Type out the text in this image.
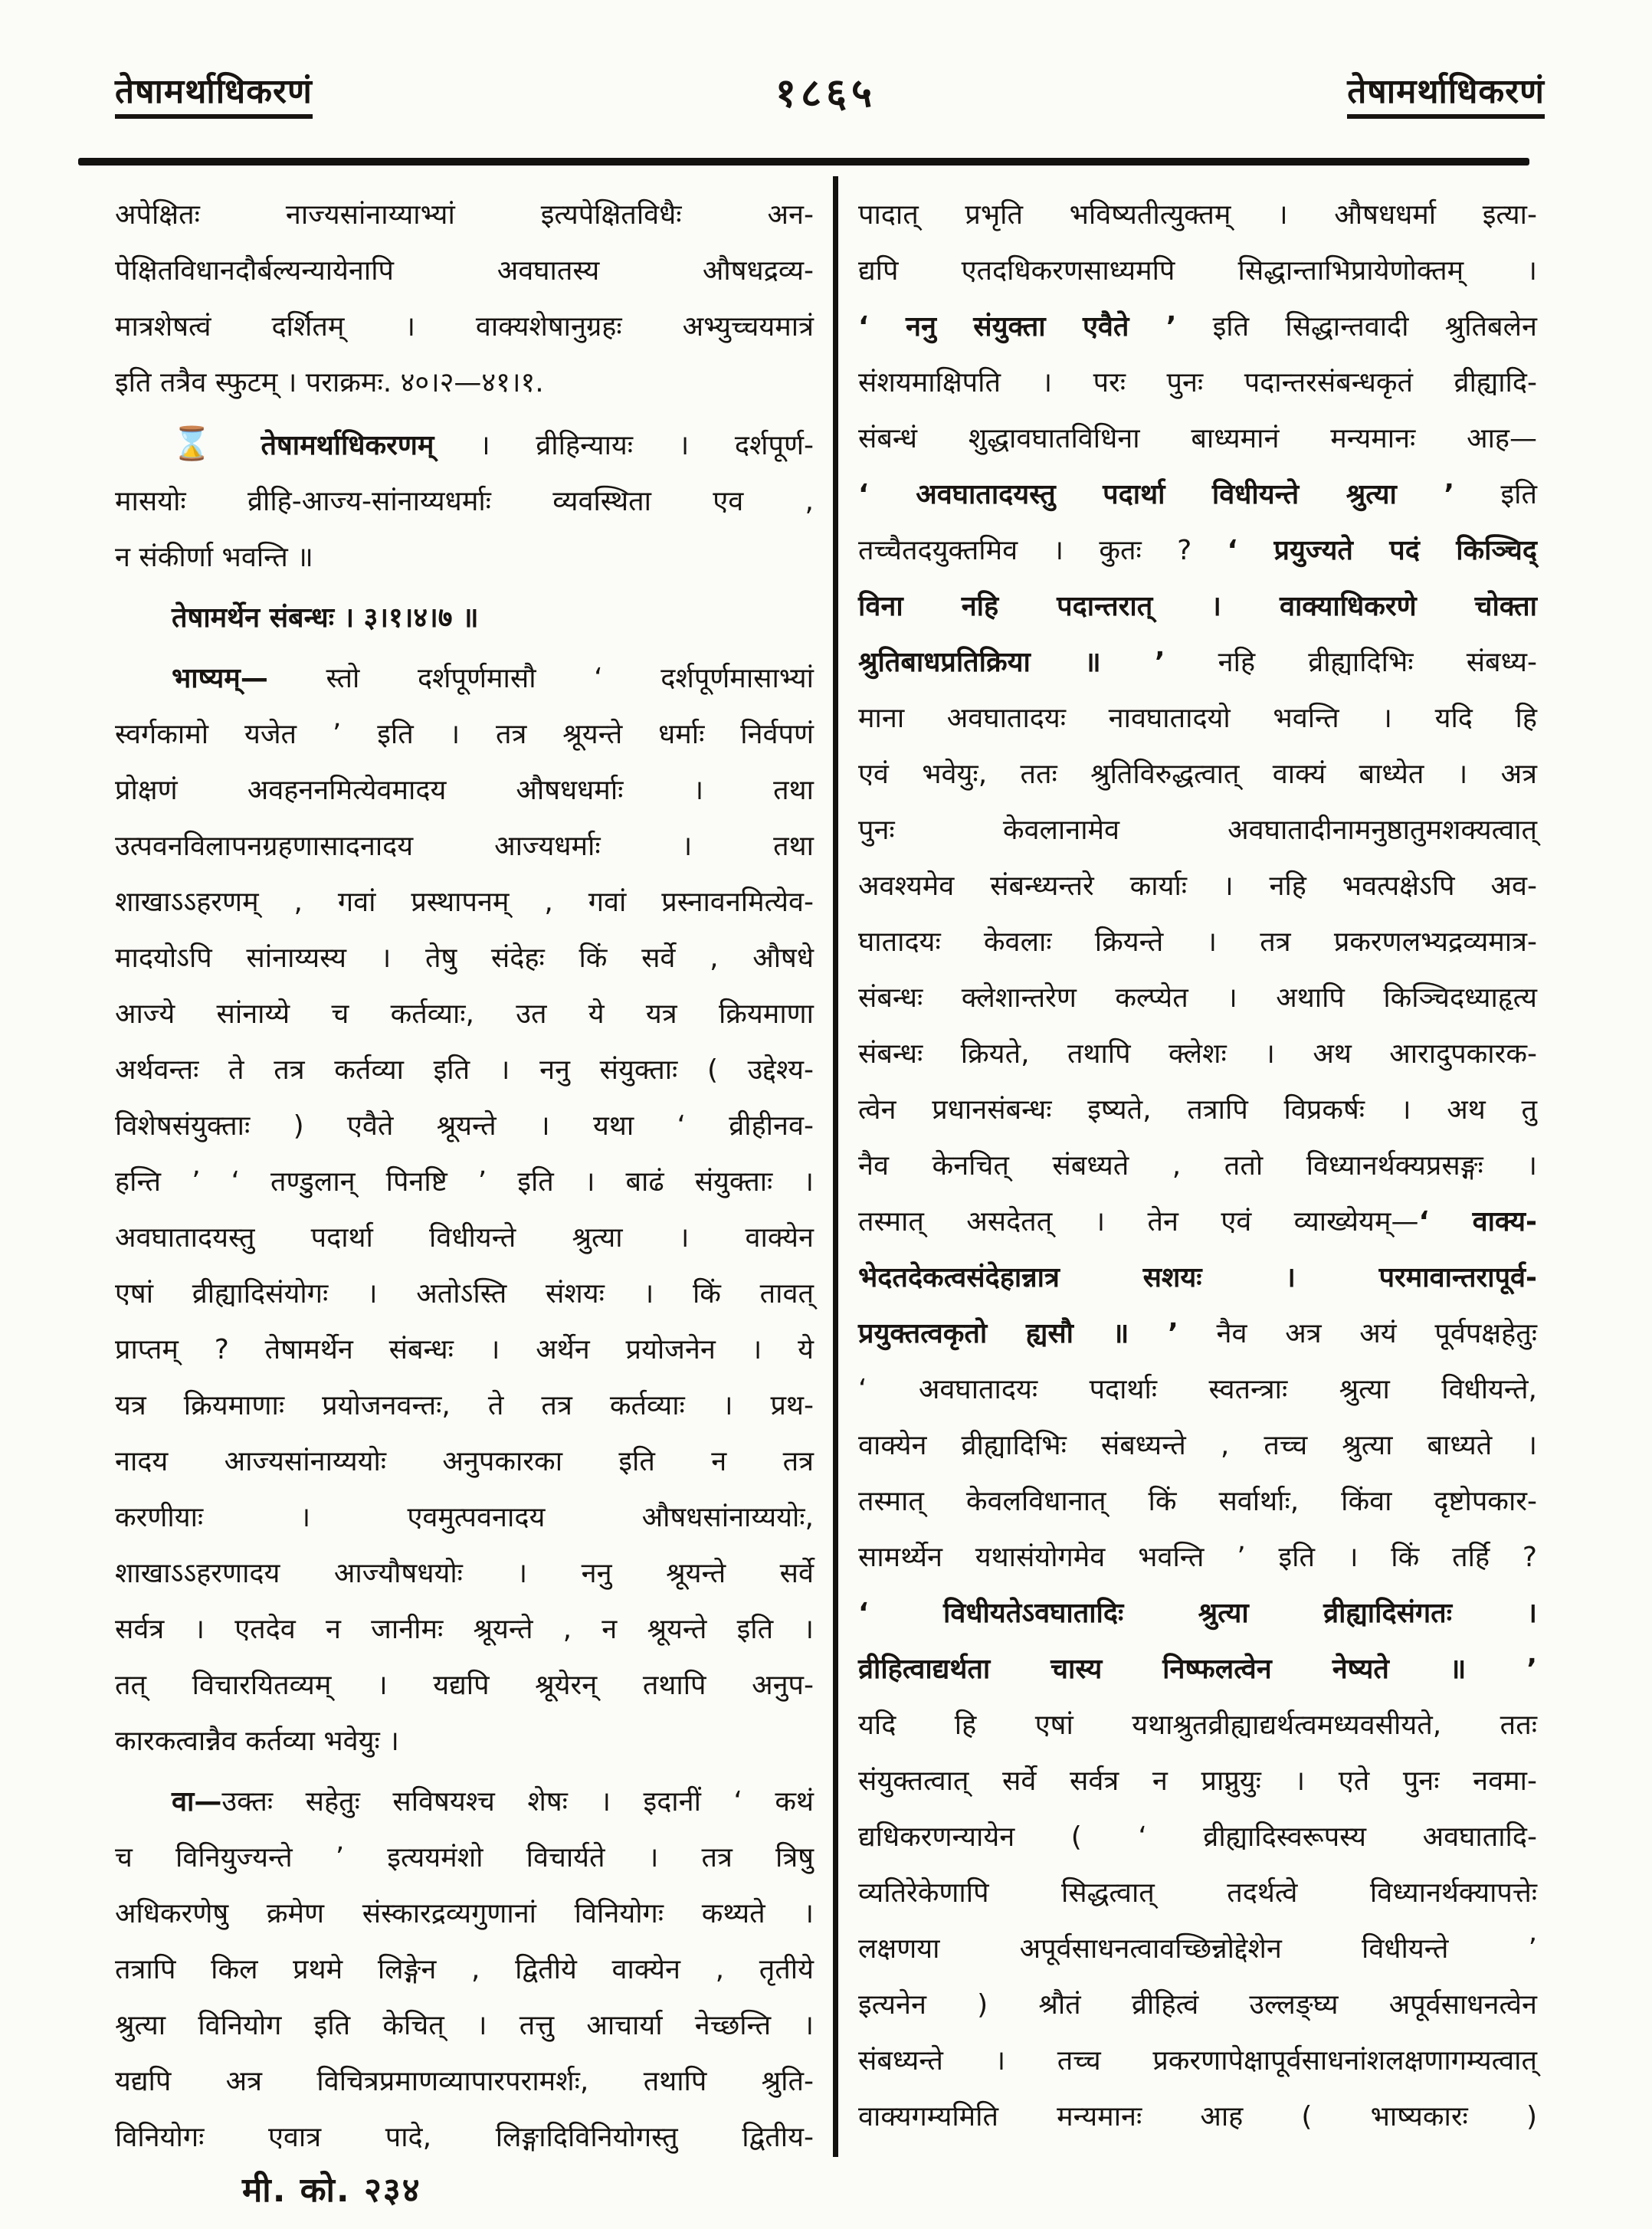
तेषामर्थाधिकरणं	१८६५	तेषामर्थाधिकरणं
अपेक्षितः नाज्यसांनाय्याभ्यां इत्यपेक्षितविधैः अन-
पेक्षितविधानदौर्बल्यन्यायेनापि अवघातस्य औषधद्रव्य-
मात्रशेषत्वं दर्शितम् । वाक्यशेषानुग्रहः अभ्युच्चयमात्रं
इति तत्रैव स्फुटम् । पराक्रमः. ४०।२—४१।१.
⌛ तेषामर्थाधिकरणम् । व्रीहिन्यायः । दर्शपूर्ण-
मासयोः व्रीहि-आज्य-सांनाय्यधर्माः व्यवस्थिता एव ,
न संकीर्णा भवन्ति ॥
तेषामर्थेन संबन्धः । ३।१।४।७ ॥
भाष्यम्— स्तो दर्शपूर्णमासौ ‘ दर्शपूर्णमासाभ्यां
स्वर्गकामो यजेत ’ इति । तत्र श्रूयन्ते धर्माः निर्वपणं
प्रोक्षणं अवहननमित्येवमादय औषधधर्माः । तथा
उत्पवनविलापनग्रहणासादनादय आज्यधर्माः । तथा
शाखाऽऽहरणम् , गवां प्रस्थापनम् , गवां प्रस्नावनमित्येव-
मादयोऽपि सांनाय्यस्य । तेषु संदेहः किं सर्वे , औषधे
आज्ये सांनाय्ये च कर्तव्याः, उत ये यत्र क्रियमाणा
अर्थवन्तः ते तत्र कर्तव्या इति । ननु संयुक्ताः ( उद्देश्य-
विशेषसंयुक्ताः ) एवैते श्रूयन्ते । यथा ‘ व्रीहीनव-
हन्ति ’ ‘ तण्डुलान् पिनष्टि ’ इति । बाढं संयुक्ताः ।
अवघातादयस्तु पदार्था विधीयन्ते श्रुत्या । वाक्येन
एषां व्रीह्यादिसंयोगः । अतोऽस्ति संशयः । किं तावत्
प्राप्तम् ? तेषामर्थेन संबन्धः । अर्थेन प्रयोजनेन । ये
यत्र क्रियमाणाः प्रयोजनवन्तः, ते तत्र कर्तव्याः । प्रथ-
नादय आज्यसांनाय्ययोः अनुपकारका इति न तत्र
करणीयाः । एवमुत्पवनादय औषधसांनाय्ययोः,
शाखाऽऽहरणादय आज्यौषधयोः । ननु श्रूयन्ते सर्वे
सर्वत्र । एतदेव न जानीमः श्रूयन्ते , न श्रूयन्ते इति ।
तत् विचारयितव्यम् । यद्यपि श्रूयेरन् तथापि अनुप-
कारकत्वान्नैव कर्तव्या भवेयुः ।
वा—उक्तः सहेतुः सविषयश्च शेषः । इदानीं ‘ कथं
च विनियुज्यन्ते ’ इत्ययमंशो विचार्यते । तत्र त्रिषु
अधिकरणेषु क्रमेण संस्कारद्रव्यगुणानां विनियोगः कथ्यते ।
तत्रापि किल प्रथमे लिङ्गेन , द्वितीये वाक्येन , तृतीये
श्रुत्या विनियोग इति केचित् । तत्तु आचार्या नेच्छन्ति ।
यद्यपि अत्र विचित्रप्रमाणव्यापारपरामर्शः, तथापि श्रुति-
विनियोगः एवात्र पादे, लिङ्गादिविनियोगस्तु द्वितीय-
पादात् प्रभृति भविष्यतीत्युक्तम् । औषधधर्मा इत्या-
द्यपि एतदधिकरणसाध्यमपि सिद्धान्ताभिप्रायेणोक्तम् ।
‘ ननु संयुक्ता एवैते ’ इति सिद्धान्तवादी श्रुतिबलेन
संशयमाक्षिपति । परः पुनः पदान्तरसंबन्धकृतं व्रीह्यादि-
संबन्धं शुद्धावघातविधिना बाध्यमानं मन्यमानः आह—
‘ अवघातादयस्तु पदार्था विधीयन्ते श्रुत्या ’ इति
तच्चैतदयुक्तमिव । कुतः ? ‘ प्रयुज्यते पदं किञ्चिद्
विना नहि पदान्तरात् । वाक्याधिकरणे चोक्ता
श्रुतिबाधप्रतिक्रिया ॥ ’ नहि व्रीह्यादिभिः संबध्य-
माना अवघातादयः नावघातादयो भवन्ति । यदि हि
एवं भवेयुः, ततः श्रुतिविरुद्धत्वात् वाक्यं बाध्येत । अत्र
पुनः केवलानामेव अवघातादीनामनुष्ठातुमशक्यत्वात्
अवश्यमेव संबन्ध्यन्तरे कार्याः । नहि भवत्पक्षेऽपि अव-
घातादयः केवलाः क्रियन्ते । तत्र प्रकरणलभ्यद्रव्यमात्र-
संबन्धः क्लेशान्तरेण कल्प्येत । अथापि किञ्चिदध्याहृत्य
संबन्धः क्रियते, तथापि क्लेशः । अथ आरादुपकारक-
त्वेन प्रधानसंबन्धः इष्यते, तत्रापि विप्रकर्षः । अथ तु
नैव केनचित् संबध्यते , ततो विध्यानर्थक्यप्रसङ्गः ।
तस्मात् असदेतत् । तेन एवं व्याख्येयम्—‘ वाक्य-
भेदतदेकत्वसंदेहान्नात्र सशयः । परमावान्तरापूर्व-
प्रयुक्तत्वकृतो ह्यसौ ॥ ’ नैव अत्र अयं पूर्वपक्षहेतुः
‘ अवघातादयः पदार्थाः स्वतन्त्राः श्रुत्या विधीयन्ते,
वाक्येन व्रीह्यादिभिः संबध्यन्ते , तच्च श्रुत्या बाध्यते ।
तस्मात् केवलविधानात् किं सर्वार्थाः, किंवा दृष्टोपकार-
सामर्थ्येन यथासंयोगमेव भवन्ति ’ इति । किं तर्हि ?
‘ विधीयतेऽवघातादिः श्रुत्या व्रीह्यादिसंगतः ।
व्रीहित्वाद्यर्थता चास्य निष्फलत्वेन नेष्यते ॥ ’
यदि हि एषां यथाश्रुतव्रीह्याद्यर्थत्वमध्यवसीयते, ततः
संयुक्तत्वात् सर्वे सर्वत्र न प्राप्नुयुः । एते पुनः नवमा-
द्यधिकरणन्यायेन ( ‘ व्रीह्यादिस्वरूपस्य अवघातादि-
व्यतिरेकेणापि सिद्धत्वात् तदर्थत्वे विध्यानर्थक्यापत्तेः
लक्षणया अपूर्वसाधनत्वावच्छिन्नोद्देशेन विधीयन्ते ’
इत्यनेन ) श्रौतं व्रीहित्वं उल्लङ्घ्य अपूर्वसाधनत्वेन
संबध्यन्ते । तच्च प्रकरणापेक्षापूर्वसाधनांशलक्षणागम्यत्वात्
वाक्यगम्यमिति मन्यमानः आह ( भाष्यकारः )
मी. को. २३४
